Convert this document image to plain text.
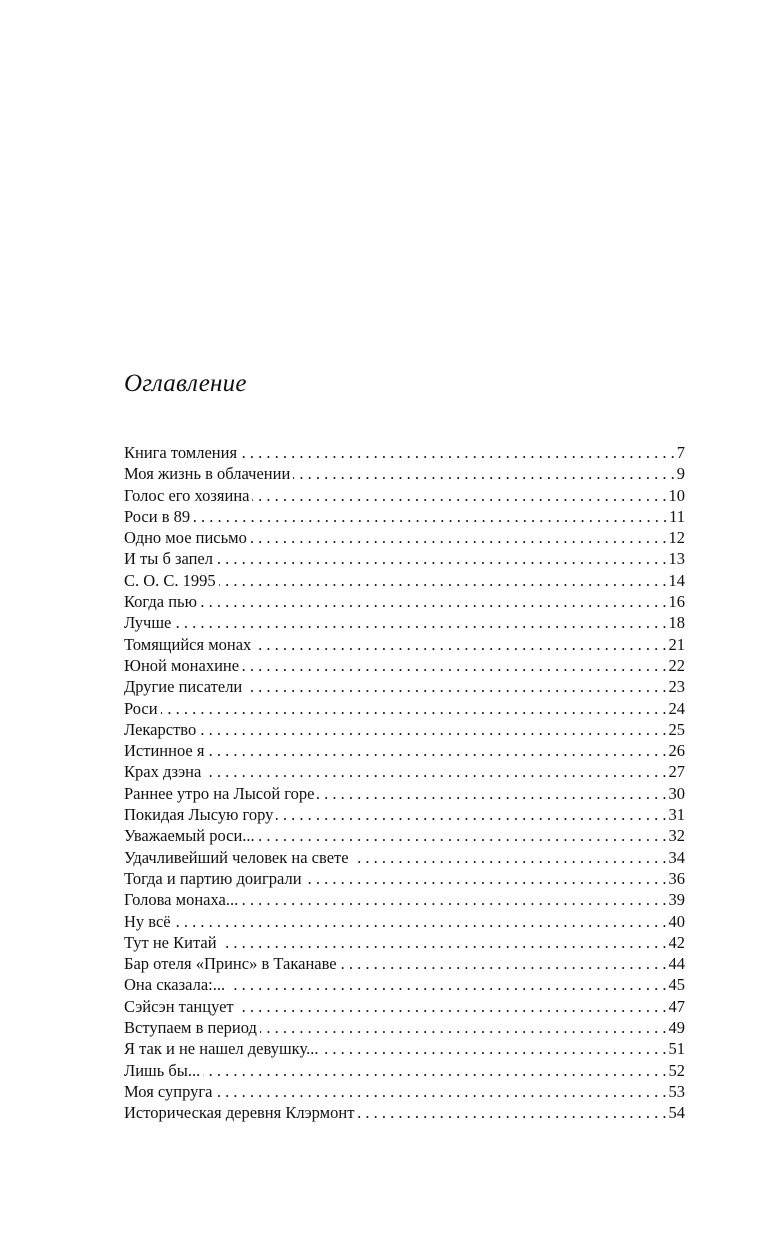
Оглавление
Книга томления . . .	7
Моя жизнь в облачении . . .	9
Голос его хозяина . . .	10
Роси в 89 . . .	11
Одно мое письмо . . .	12
И ты б запел . . .	13
С. О. С. 1995 . . .	14
Когда пью . . .	16
Лучше . . .	18
Томящийся монах . . .	21
Юной монахине . . .	22
Другие писатели . . .	23
Роси . . .	24
Лекарство . . .	25
Истинное я . . .	26
Крах дзэна . . .	27
Раннее утро на Лысой горе . . .	30
Покидая Лысую гору . . .	31
Уважаемый роси... . . .	32
Удачливейший человек на свете . . .	34
Тогда и партию доиграли . . .	36
Голова монаха... . . .	39
Ну всё . . .	40
Тут не Китай . . .	42
Бар отеля «Принс» в Таканаве . . .	44
Она сказала:... . . .	45
Сэйсэн танцует . . .	47
Вступаем в период . . .	49
Я так и не нашел девушку... . . .	51
Лишь бы... . . .	52
Моя супруга . . .	53
Историческая деревня Клэрмонт . . .	54
